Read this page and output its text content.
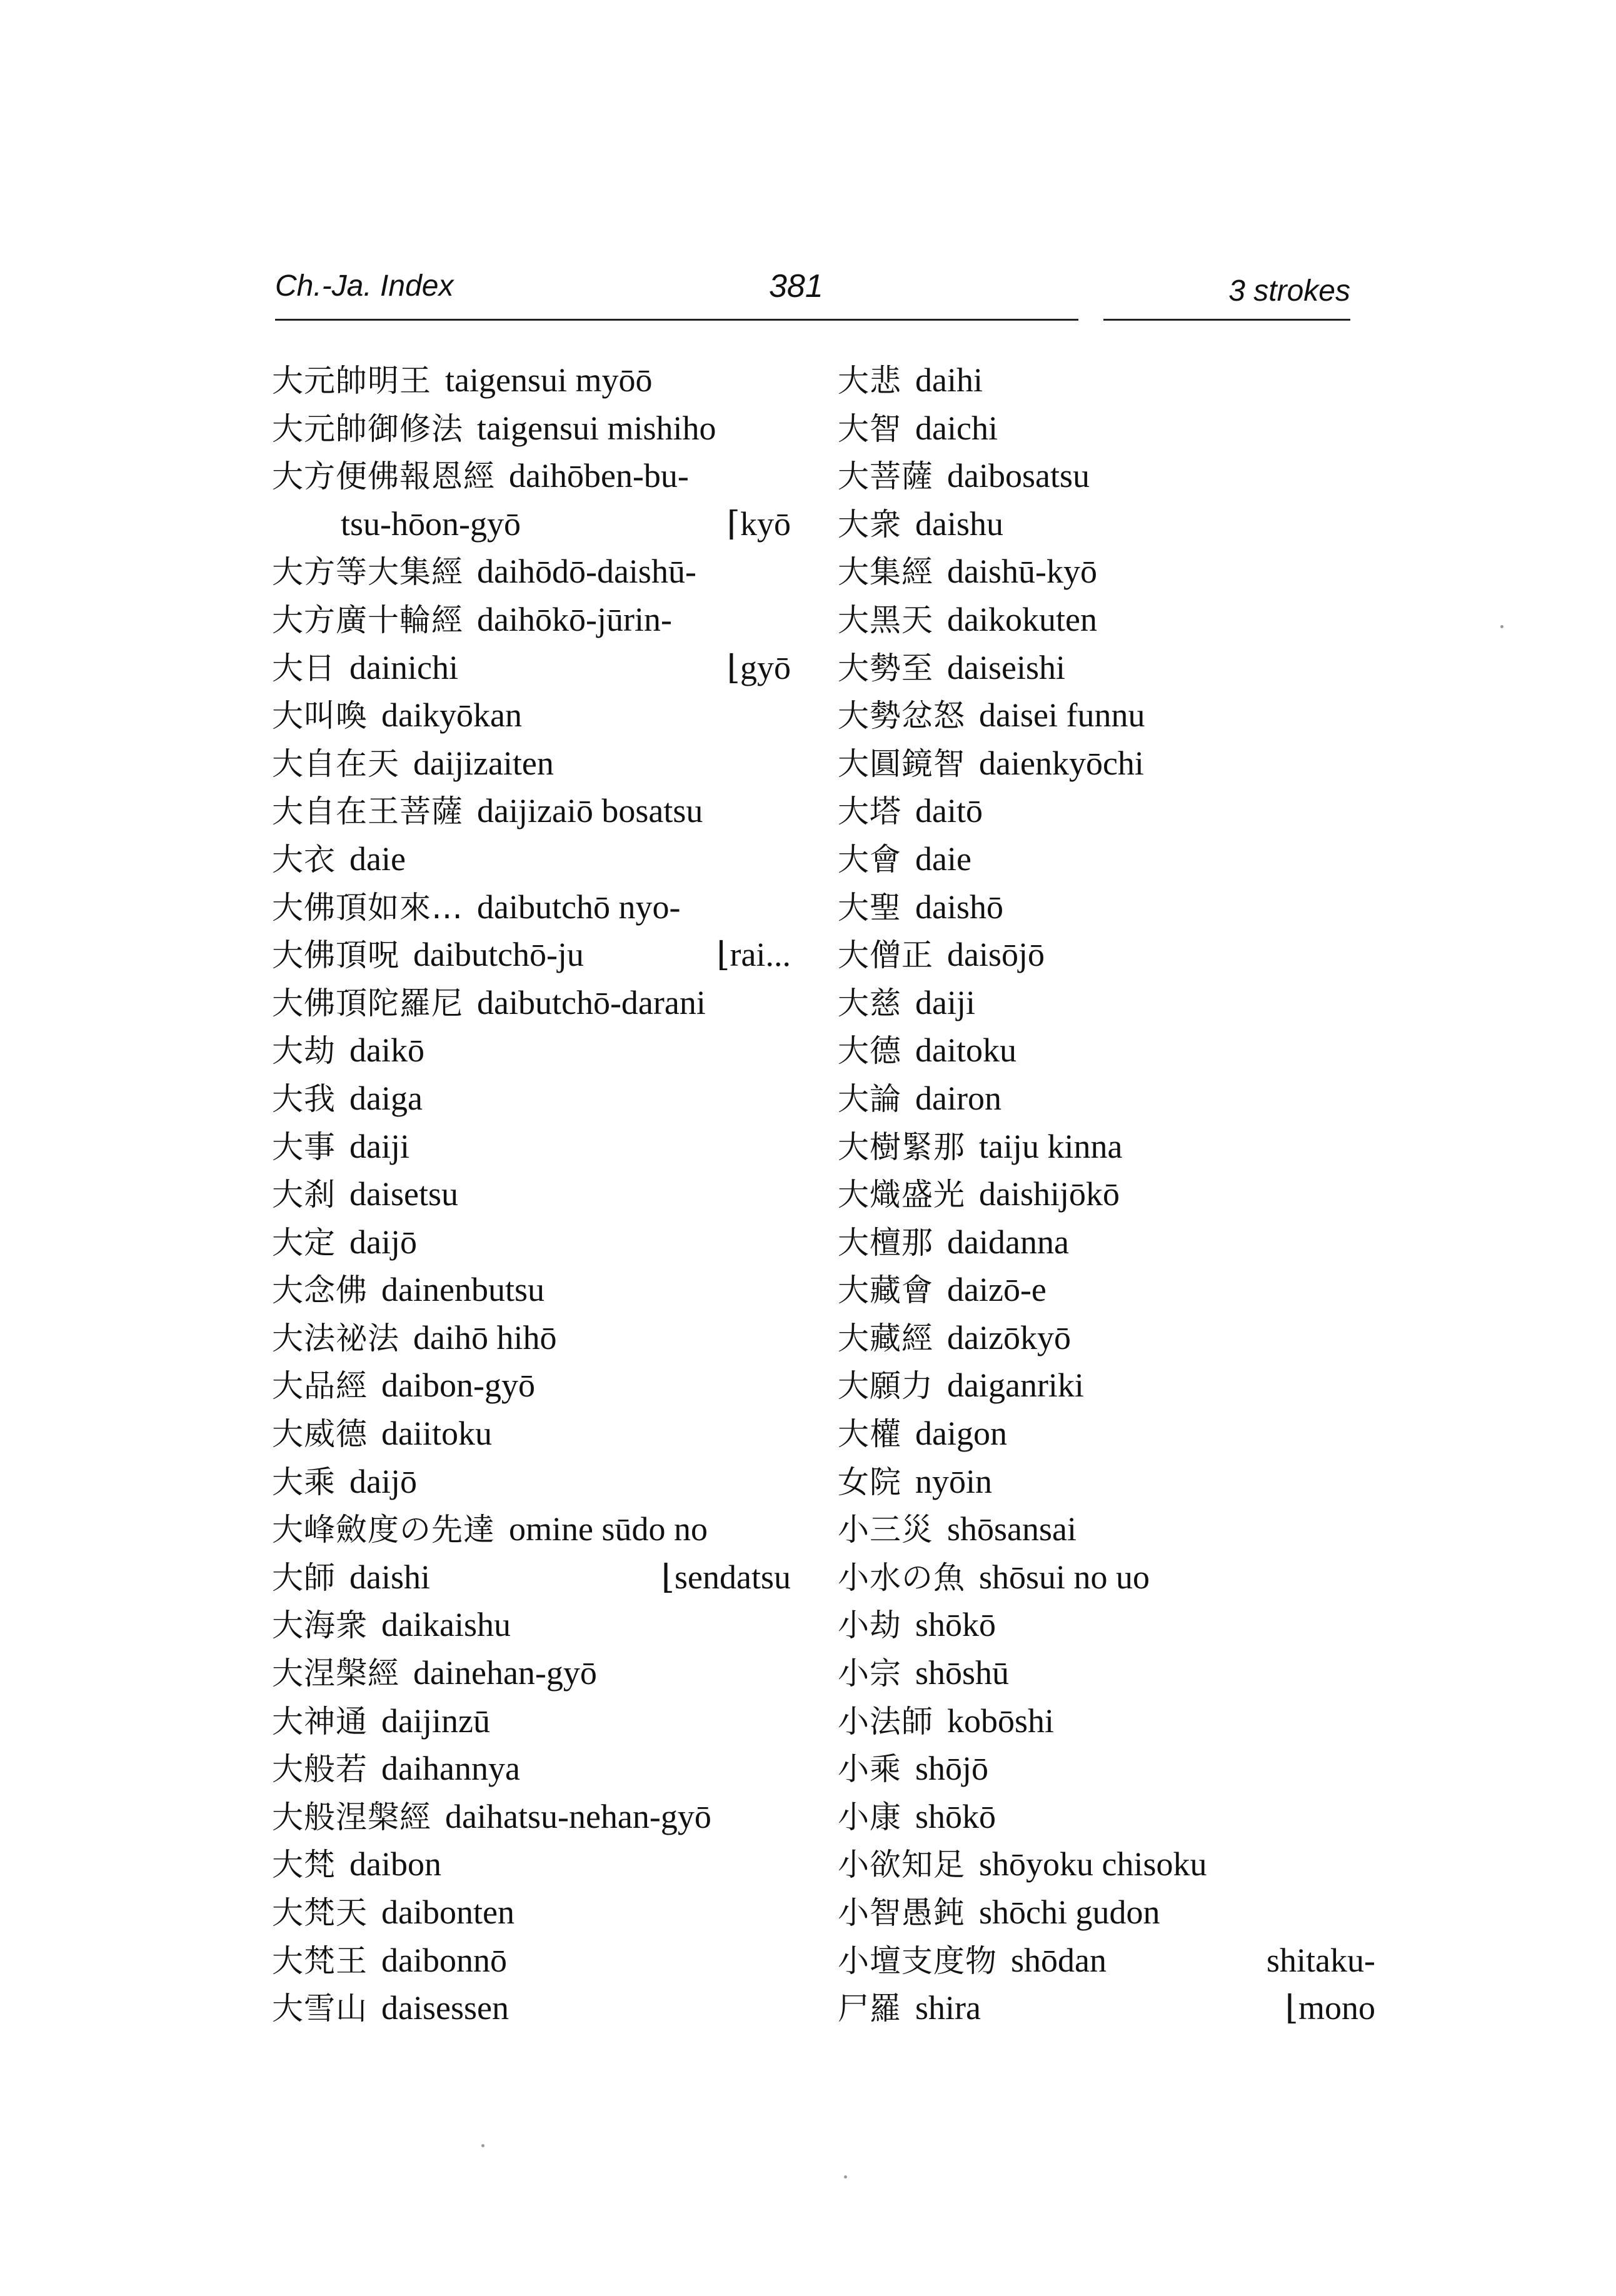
Ch.-Ja. Index	381	3 strokes
大元帥明王 taigensui myōō
大元帥御修法 taigensui mishiho
大方便佛報恩經 daihōben-bu-
tsu-hōon-gyō	⌈kyō
大方等大集經 daihōdō-daishū-
大方廣十輪經 daihōkō-jūrin-
大日 dainichi	⌊gyō
大叫喚 daikyōkan
大自在天 daijizaiten
大自在王菩薩 daijizaiō bosatsu
大衣 daie
大佛頂如來… daibutchō nyo-
大佛頂呪 daibutchō-ju	⌊rai...
大佛頂陀羅尼 daibutchō-darani
大劫 daikō
大我 daiga
大事 daiji
大刹 daisetsu
大定 daijō
大念佛 dainenbutsu
大法祕法 daihō hihō
大品經 daibon-gyō
大威德 daiitoku
大乘 daijō
大峰斂度の先達 omine sūdo no
大師 daishi	⌊sendatsu
大海衆 daikaishu
大涅槃經 dainehan-gyō
大神通 daijinzū
大般若 daihannya
大般涅槃經 daihatsu-nehan-gyō
大梵 daibon
大梵天 daibonten
大梵王 daibonnō
大雪山 daisessen
大悲 daihi
大智 daichi
大菩薩 daibosatsu
大衆 daishu
大集經 daishū-kyō
大黑天 daikokuten
大勢至 daiseishi
大勢忿怒 daisei funnu
大圓鏡智 daienkyōchi
大塔 daitō
大會 daie
大聖 daishō
大僧正 daisōjō
大慈 daiji
大德 daitoku
大論 dairon
大樹緊那 taiju kinna
大熾盛光 daishijōkō
大檀那 daidanna
大藏會 daizō-e
大藏經 daizōkyō
大願力 daiganriki
大權 daigon
女院 nyōin
小三災 shōsansai
小水の魚 shōsui no uo
小劫 shōkō
小宗 shōshū
小法師 kobōshi
小乘 shōjō
小康 shōkō
小欲知足 shōyoku chisoku
小智愚鈍 shōchi gudon
小壇支度物 shōdan	shitaku-
尸羅 shira	⌊mono
